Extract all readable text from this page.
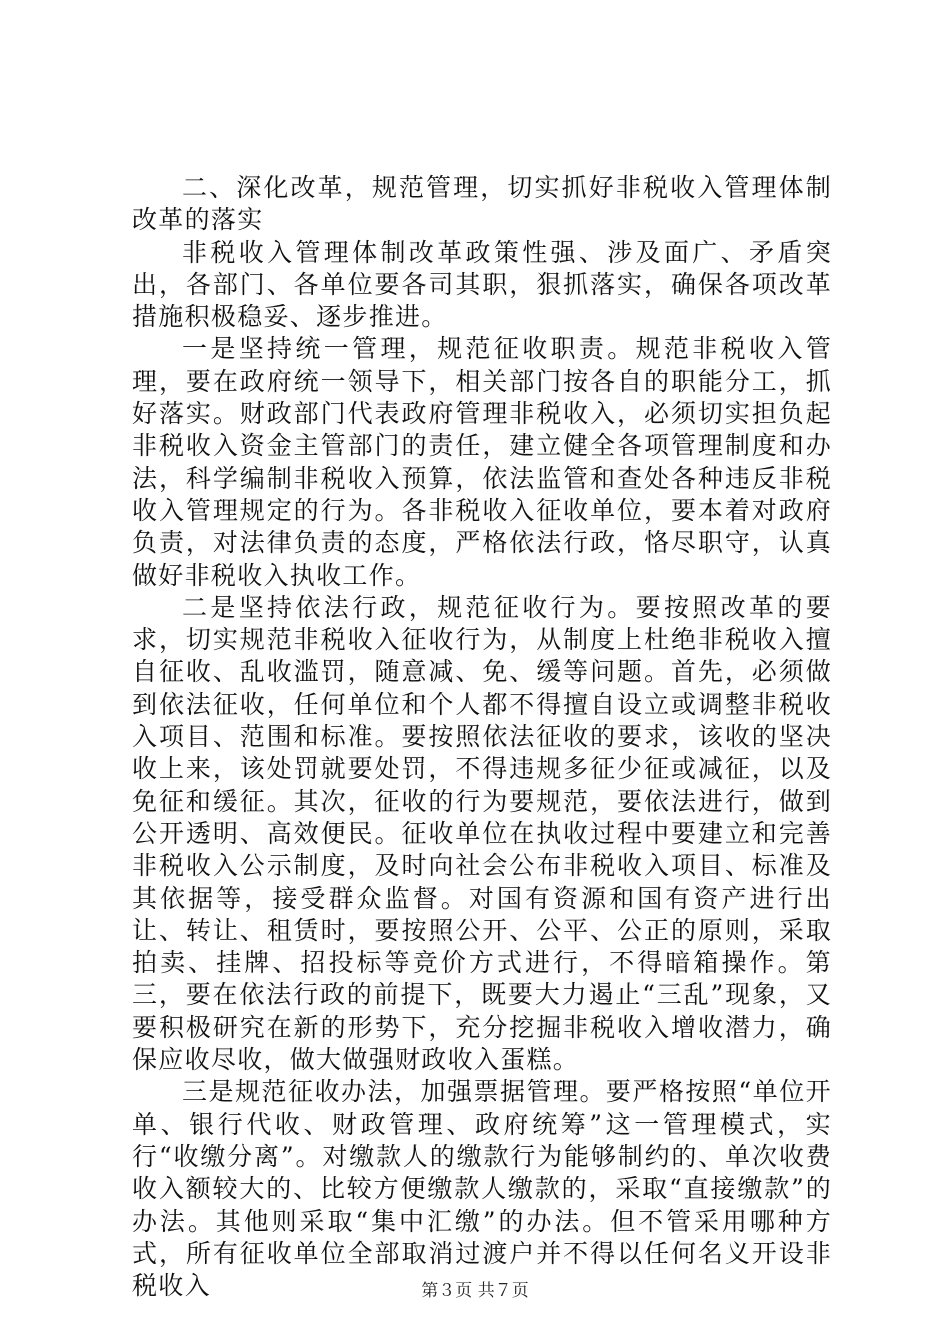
二、深化改革，规范管理，切实抓好非税收入管理体制改革的落实

非税收入管理体制改革政策性强、涉及面广、矛盾突出，各部门、各单位要各司其职，狠抓落实，确保各项改革措施积极稳妥、逐步推进。

一是坚持统一管理，规范征收职责。规范非税收入管理，要在政府统一领导下，相关部门按各自的职能分工，抓好落实。财政部门代表政府管理非税收入，必须切实担负起非税收入资金主管部门的责任，建立健全各项管理制度和办法，科学编制非税收入预算，依法监管和查处各种违反非税收入管理规定的行为。各非税收入征收单位，要本着对政府负责，对法律负责的态度，严格依法行政，恪尽职守，认真做好非税收入执收工作。

二是坚持依法行政，规范征收行为。要按照改革的要求，切实规范非税收入征收行为，从制度上杜绝非税收入擅自征收、乱收滥罚，随意减、免、缓等问题。首先，必须做到依法征收，任何单位和个人都不得擅自设立或调整非税收入项目、范围和标准。要按照依法征收的要求，该收的坚决收上来，该处罚就要处罚，不得违规多征少征或减征，以及免征和缓征。其次，征收的行为要规范，要依法进行，做到公开透明、高效便民。征收单位在执收过程中要建立和完善非税收入公示制度，及时向社会公布非税收入项目、标准及其依据等，接受群众监督。对国有资源和国有资产进行出让、转让、租赁时，要按照公开、公平、公正的原则，采取拍卖、挂牌、招投标等竞价方式进行，不得暗箱操作。第三，要在依法行政的前提下，既要大力遏止“三乱”现象，又要积极研究在新的形势下，充分挖掘非税收入增收潜力，确保应收尽收，做大做强财政收入蛋糕。

三是规范征收办法，加强票据管理。要严格按照“单位开单、银行代收、财政管理、政府统筹”这一管理模式，实行“收缴分离”。对缴款人的缴款行为能够制约的、单次收费收入额较大的、比较方便缴款人缴款的，采取“直接缴款”的办法。其他则采取“集中汇缴”的办法。但不管采用哪种方式，所有征收单位全部取消过渡户并不得以任何名义开设非税收入	第３页 共７页
